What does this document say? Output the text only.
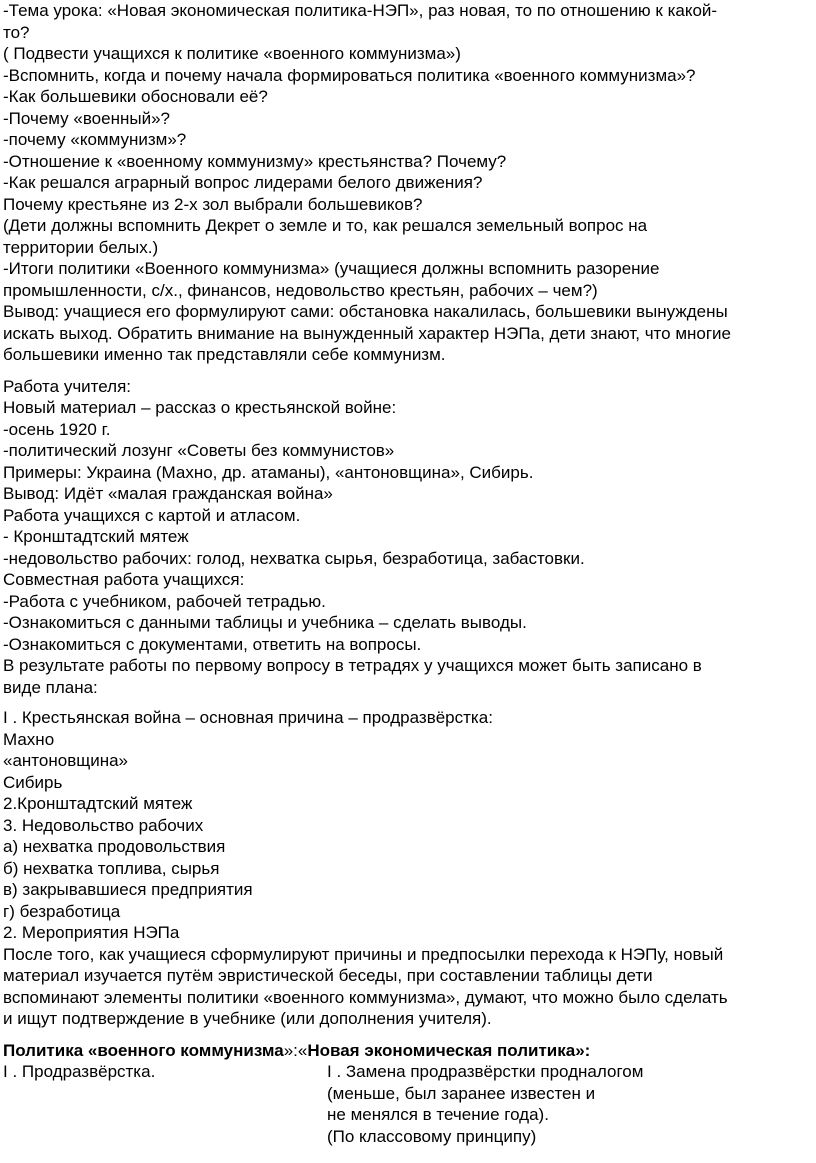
-Тема урока: «Новая экономическая политика-НЭП», раз новая, то по отношению к какой-
то?
( Подвести учащихся к политике «военного коммунизма»)
-Вспомнить, когда и почему начала формироваться политика «военного коммунизма»?
-Как большевики обосновали её?
-Почему «военный»?
-почему «коммунизм»?
-Отношение к «военному коммунизму» крестьянства? Почему?
-Как решался аграрный вопрос лидерами белого движения?
Почему крестьяне из 2-х зол выбрали большевиков?
(Дети должны вспомнить Декрет о земле и то, как решался земельный вопрос на
территории белых.)
-Итоги политики «Военного коммунизма» (учащиеся должны вспомнить разорение
промышленности, с/х., финансов, недовольство крестьян, рабочих – чем?)
Вывод: учащиеся его формулируют сами: обстановка накалилась, большевики вынуждены
искать выход. Обратить внимание на вынужденный характер НЭПа, дети знают, что многие
большевики именно так представляли себе коммунизм.
Работа учителя:
Новый материал – рассказ о крестьянской войне:
-осень 1920 г.
-политический лозунг «Советы без коммунистов»
Примеры: Украина (Махно, др. атаманы), «антоновщина», Сибирь.
Вывод: Идёт «малая гражданская война»
Работа учащихся с картой и атласом.
- Кронштадтский мятеж
-недовольство рабочих: голод, нехватка сырья, безработица, забастовки.
Совместная работа учащихся:
-Работа с учебником, рабочей тетрадью.
-Ознакомиться с данными таблицы и учебника – сделать выводы.
-Ознакомиться с документами, ответить на вопросы.
В результате работы по первому вопросу в тетрадях у учащихся может быть записано в
виде плана:
I . Крестьянская война – основная причина – продразвёрстка:
Махно
«антоновщина»
Сибирь
2.Кронштадтский мятеж
3. Недовольство рабочих
а) нехватка продовольствия
б) нехватка топлива, сырья
в) закрывавшиеся предприятия
г) безработица
2. Мероприятия НЭПа
После того, как учащиеся сформулируют причины и предпосылки перехода к НЭПу, новый
материал изучается путём эвристической беседы, при составлении таблицы дети
вспоминают элементы политики «военного коммунизма», думают, что можно было сделать
и ищут подтверждение в учебнике (или дополнения учителя).
Политика «военного коммунизма»:«Новая экономическая политика»:
I . Продразвёрстка.	I . Замена продразвёрстки продналогом
(меньше, был заранее известен и
не менялся в течение года).
(По классовому принципу)
